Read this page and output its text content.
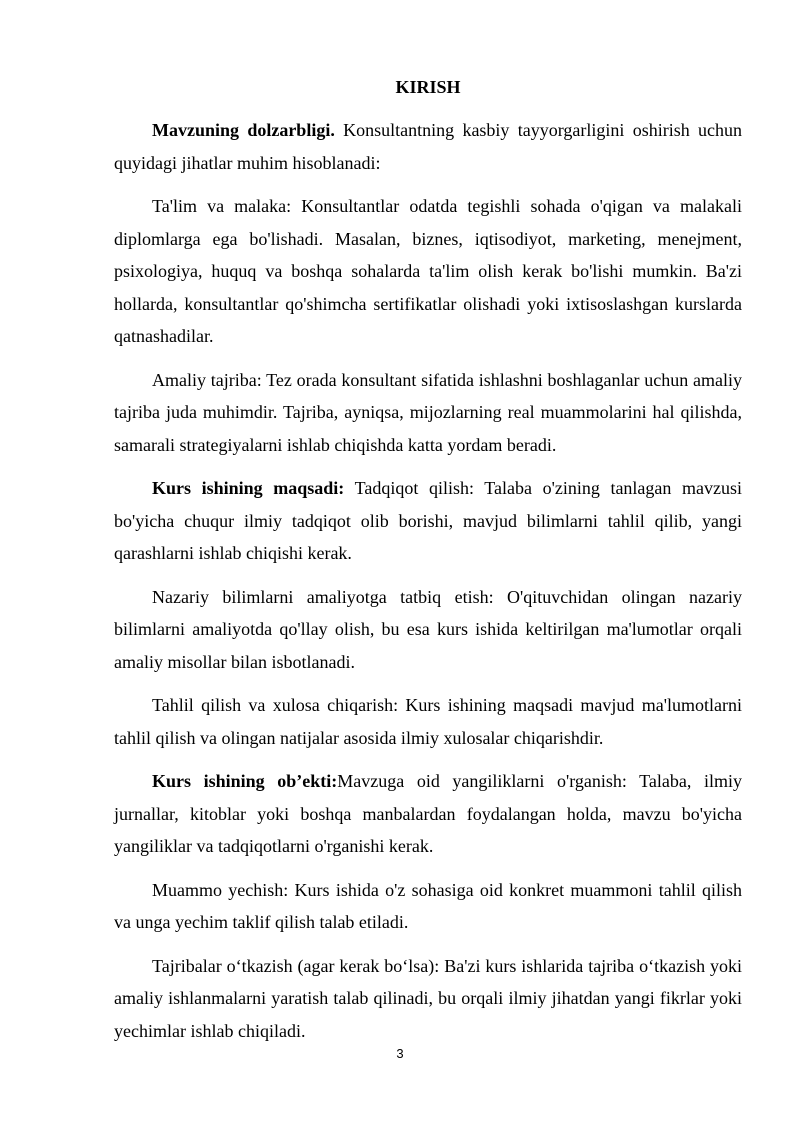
KIRISH

Mavzuning dolzarbligi. Konsultantning kasbiy tayyorgarligini oshirish uchun quyidagi jihatlar muhim hisoblanadi:

Ta'lim va malaka: Konsultantlar odatda tegishli sohada o'qigan va malakali diplomlarga ega bo'lishadi. Masalan, biznes, iqtisodiyot, marketing, menejment, psixologiya, huquq va boshqa sohalarda ta'lim olish kerak bo'lishi mumkin. Ba'zi hollarda, konsultantlar qo'shimcha sertifikatlar olishadi yoki ixtisoslashgan kurslarda qatnashadilar.

Amaliy tajriba: Tez orada konsultant sifatida ishlashni boshlaganlar uchun amaliy tajriba juda muhimdir. Tajriba, ayniqsa, mijozlarning real muammolarini hal qilishda, samarali strategiyalarni ishlab chiqishda katta yordam beradi.

Kurs ishining maqsadi: Tadqiqot qilish: Talaba o'zining tanlagan mavzusi bo'yicha chuqur ilmiy tadqiqot olib borishi, mavjud bilimlarni tahlil qilib, yangi qarashlarni ishlab chiqishi kerak.

Nazariy bilimlarni amaliyotga tatbiq etish: O'qituvchidan olingan nazariy bilimlarni amaliyotda qo'llay olish, bu esa kurs ishida keltirilgan ma'lumotlar orqali amaliy misollar bilan isbotlanadi.

Tahlil qilish va xulosa chiqarish: Kurs ishining maqsadi mavjud ma'lumotlarni tahlil qilish va olingan natijalar asosida ilmiy xulosalar chiqarishdir.

Kurs ishining ob’ekti:Mavzuga oid yangiliklarni o'rganish: Talaba, ilmiy jurnallar, kitoblar yoki boshqa manbalardan foydalangan holda, mavzu bo'yicha yangiliklar va tadqiqotlarni o'rganishi kerak.

Muammo yechish: Kurs ishida o'z sohasiga oid konkret muammoni tahlil qilish va unga yechim taklif qilish talab etiladi.

Tajribalar o‘tkazish (agar kerak bo‘lsa): Ba'zi kurs ishlarida tajriba o‘tkazish yoki amaliy ishlanmalarni yaratish talab qilinadi, bu orqali ilmiy jihatdan yangi fikrlar yoki yechimlar ishlab chiqiladi.

3
